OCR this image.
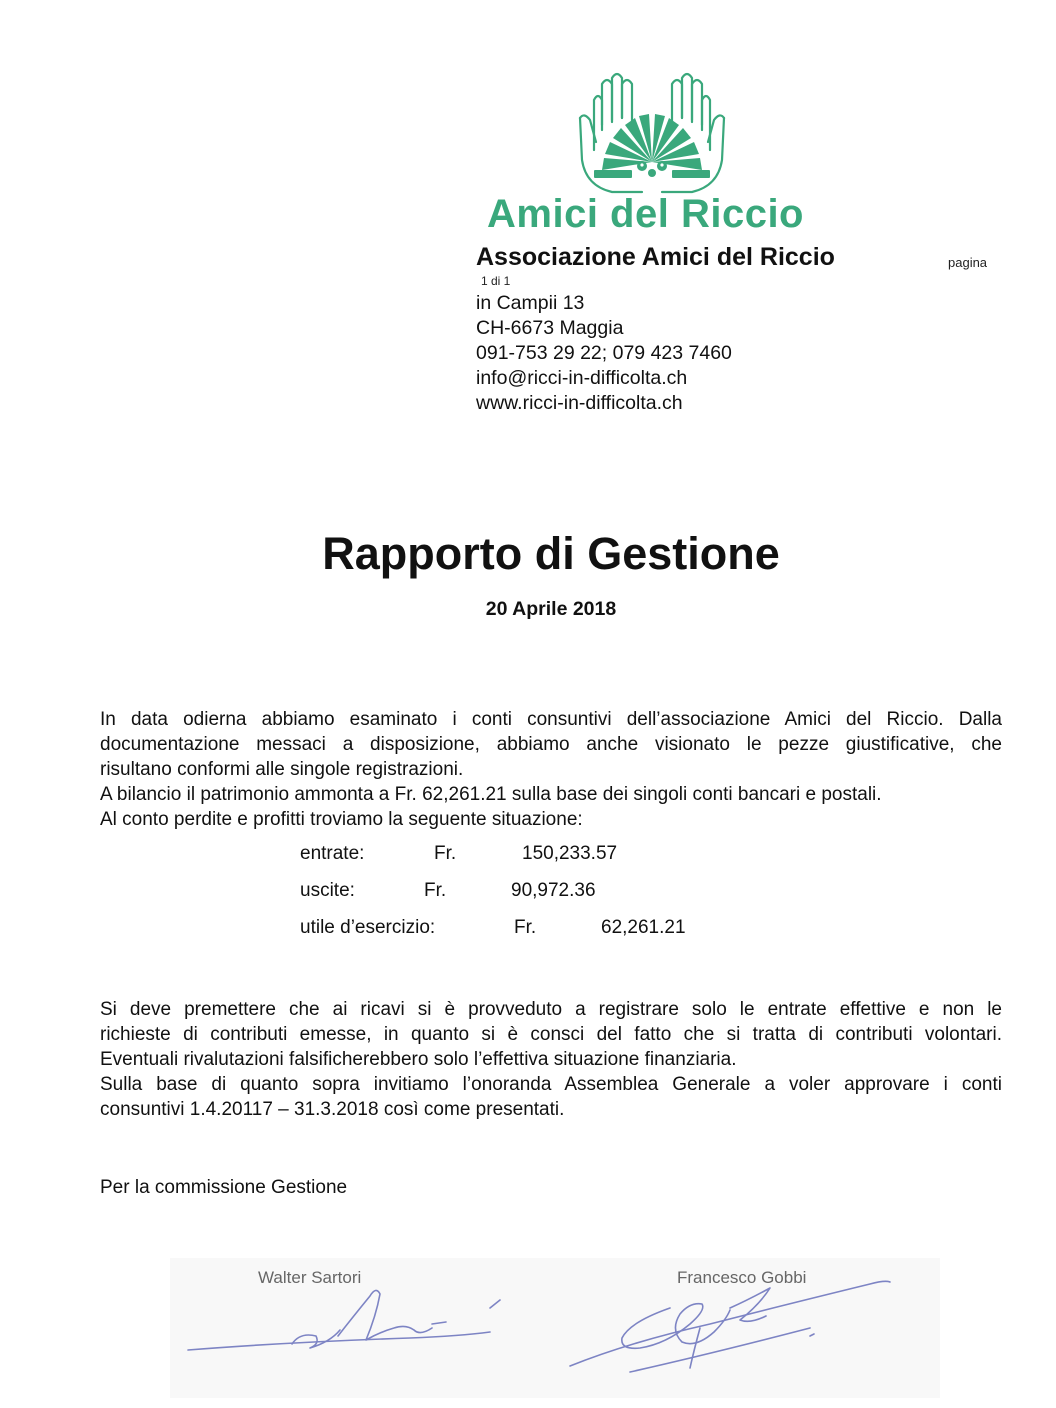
Amici del Riccio
Associazione Amici del Riccio	pagina
1 di 1
in Campii 13
CH-6673 Maggia
091-753 29 22; 079 423 7460
info@ricci-in-difficolta.ch
www.ricci-in-difficolta.ch
Rapporto di Gestione
20 Aprile 2018
In data odierna abbiamo esaminato i conti consuntivi dell’associazione Amici del Riccio. Dalla
documentazione messaci a disposizione, abbiamo anche visionato le pezze giustificative, che
risultano conformi alle singole registrazioni.
A bilancio il patrimonio ammonta a Fr. 62,261.21 sulla base dei singoli conti bancari e postali.
Al conto perdite e profitti troviamo la seguente situazione:
entrate:	Fr.	150,233.57
uscite:	Fr.	90,972.36
utile d’esercizio:	Fr.	62,261.21
Si deve premettere che ai ricavi si è provveduto a registrare solo le entrate effettive e non le
richieste di contributi emesse, in quanto si è consci del fatto che si tratta di contributi volontari.
Eventuali rivalutazioni falsificherebbero solo l’effettiva situazione finanziaria.
Sulla base di quanto sopra invitiamo l’onoranda Assemblea Generale a voler approvare i conti
consuntivi 1.4.20117 – 31.3.2018 così come presentati.
Per la commissione Gestione
Walter Sartori	Francesco Gobbi
